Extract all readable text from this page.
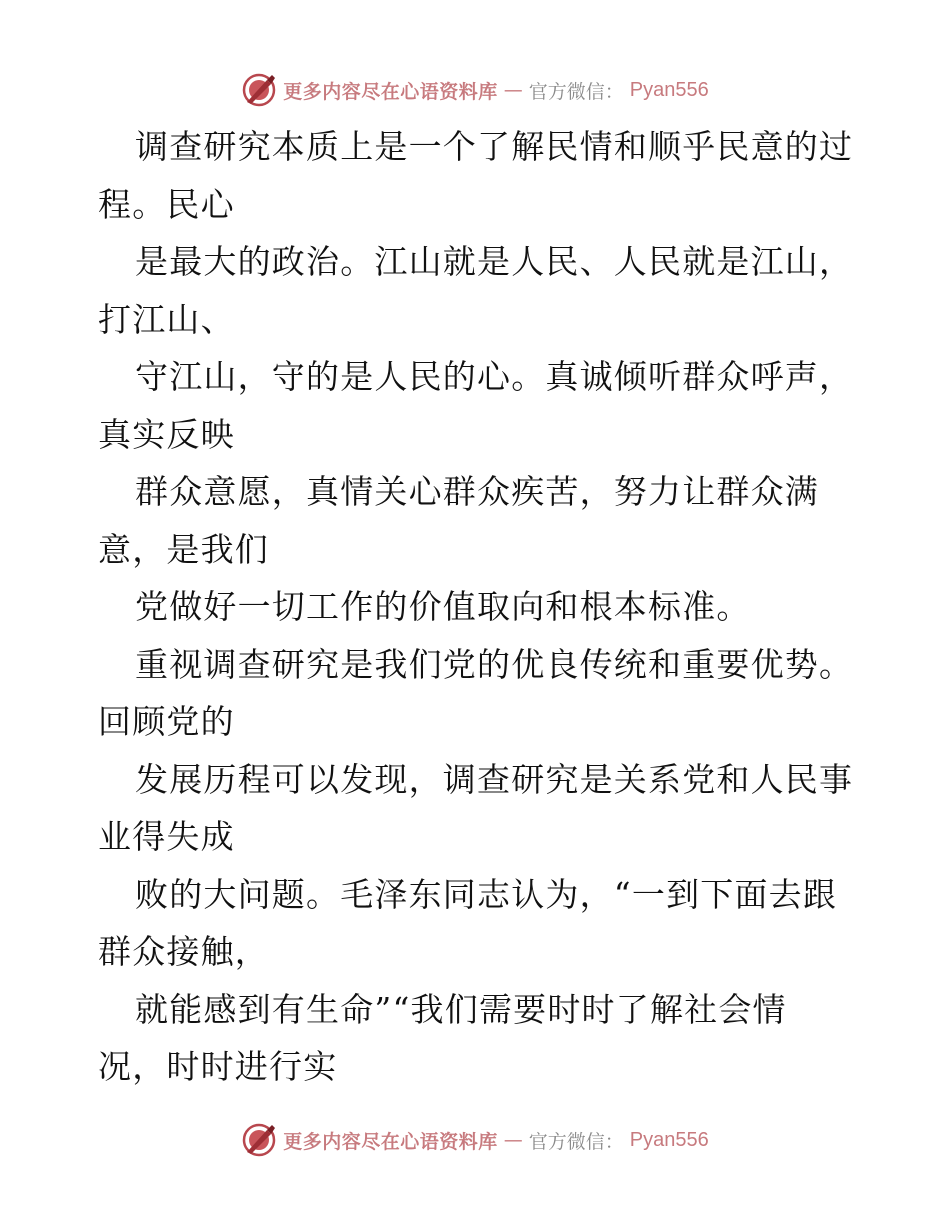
更多内容尽在心语资料库 — 官方微信： Pyan556
调查研究本质上是一个了解民情和顺乎民意的过
程。民心
是最大的政治。江山就是人民、人民就是江山，
打江山、
守江山，守的是人民的心。真诚倾听群众呼声，
真实反映
群众意愿，真情关心群众疾苦，努力让群众满
意，是我们
党做好一切工作的价值取向和根本标准。
重视调查研究是我们党的优良传统和重要优势。
回顾党的
发展历程可以发现，调查研究是关系党和人民事
业得失成
败的大问题。毛泽东同志认为，“一到下面去跟
群众接触，
就能感到有生命”“我们需要时时了解社会情
况，时时进行实
更多内容尽在心语资料库 — 官方微信： Pyan556
